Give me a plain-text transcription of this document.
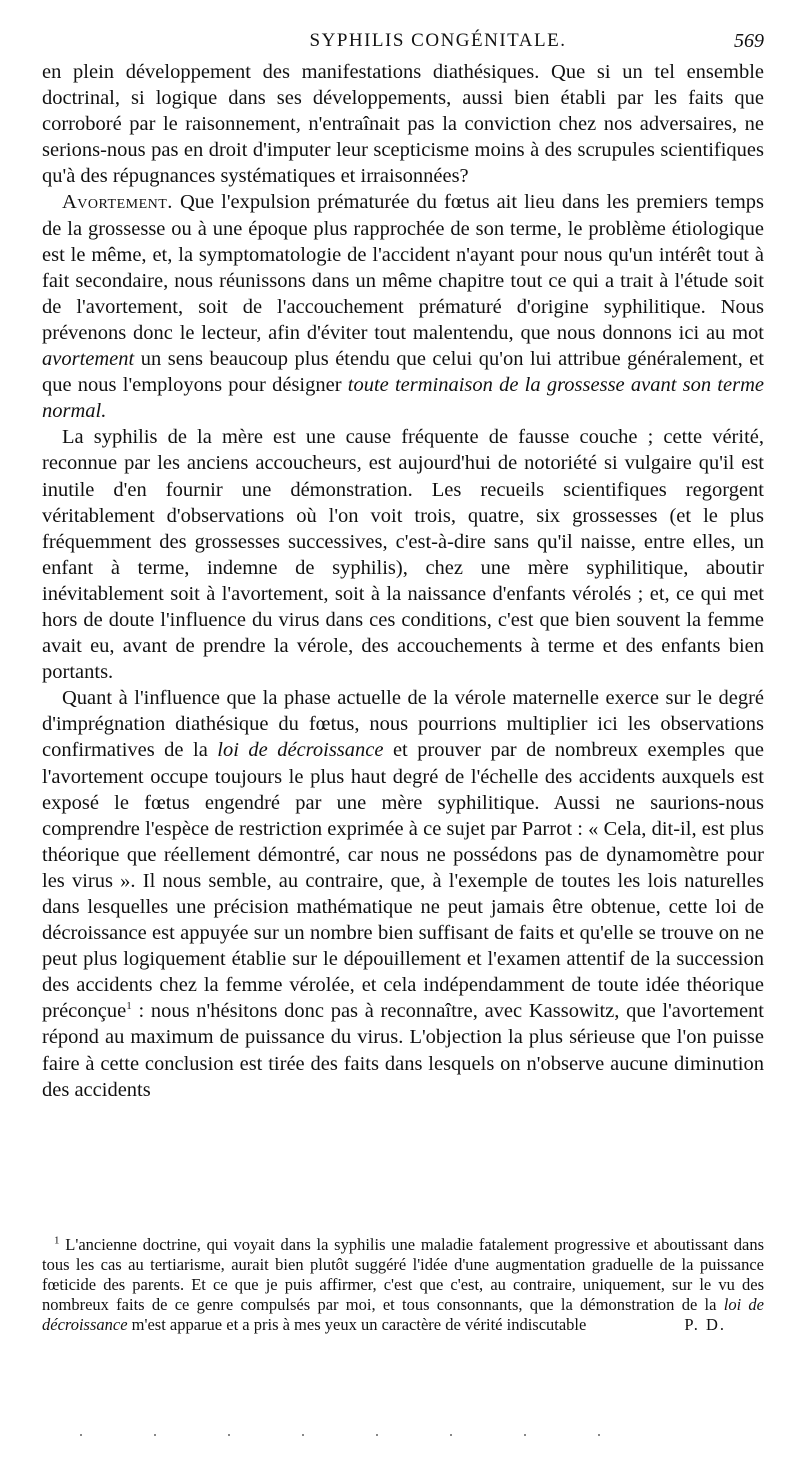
SYPHILIS CONGÉNITALE.	569

en plein développement des manifestations diathésiques. Que si un tel ensemble doctrinal, si logique dans ses développements, aussi bien établi par les faits que corroboré par le raisonnement, n'entraînait pas la conviction chez nos adversaires, ne serions-nous pas en droit d'imputer leur scepticisme moins à des scrupules scientifiques qu'à des répugnances systématiques et irraisonnées?

Avortement. Que l'expulsion prématurée du fœtus ait lieu dans les premiers temps de la grossesse ou à une époque plus rapprochée de son terme, le problème étiologique est le même, et, la symptomatologie de l'accident n'ayant pour nous qu'un intérêt tout à fait secondaire, nous réunissons dans un même chapitre tout ce qui a trait à l'étude soit de l'avortement, soit de l'accouchement prématuré d'origine syphilitique. Nous prévenons donc le lecteur, afin d'éviter tout malentendu, que nous donnons ici au mot avortement un sens beaucoup plus étendu que celui qu'on lui attribue généralement, et que nous l'employons pour désigner toute terminaison de la grossesse avant son terme normal.

La syphilis de la mère est une cause fréquente de fausse couche ; cette vérité, reconnue par les anciens accoucheurs, est aujourd'hui de notoriété si vulgaire qu'il est inutile d'en fournir une démonstration. Les recueils scientifiques regorgent véritablement d'observations où l'on voit trois, quatre, six grossesses (et le plus fréquemment des grossesses successives, c'est-à-dire sans qu'il naisse, entre elles, un enfant à terme, indemne de syphilis), chez une mère syphilitique, aboutir inévitablement soit à l'avortement, soit à la naissance d'enfants vérolés ; et, ce qui met hors de doute l'influence du virus dans ces conditions, c'est que bien souvent la femme avait eu, avant de prendre la vérole, des accouchements à terme et des enfants bien portants.

Quant à l'influence que la phase actuelle de la vérole maternelle exerce sur le degré d'imprégnation diathésique du fœtus, nous pourrions multiplier ici les observations confirmatives de la loi de décroissance et prouver par de nombreux exemples que l'avortement occupe toujours le plus haut degré de l'échelle des accidents auxquels est exposé le fœtus engendré par une mère syphilitique. Aussi ne saurions-nous comprendre l'espèce de restriction exprimée à ce sujet par Parrot : « Cela, dit-il, est plus théorique que réellement démontré, car nous ne possédons pas de dynamomètre pour les virus ». Il nous semble, au contraire, que, à l'exemple de toutes les lois naturelles dans lesquelles une précision mathématique ne peut jamais être obtenue, cette loi de décroissance est appuyée sur un nombre bien suffisant de faits et qu'elle se trouve on ne peut plus logiquement établie sur le dépouillement et l'examen attentif de la succession des accidents chez la femme vérolée, et cela indépendamment de toute idée théorique préconçue$^1$ : nous n'hésitons donc pas à reconnaître, avec Kassowitz, que l'avortement répond au maximum de puissance du virus. L'objection la plus sérieuse que l'on puisse faire à cette conclusion est tirée des faits dans lesquels on n'observe aucune diminution des accidents

$^1$ L'ancienne doctrine, qui voyait dans la syphilis une maladie fatalement progressive et aboutissant dans tous les cas au tertiarisme, aurait bien plutôt suggéré l'idée d'une augmentation graduelle de la puissance fœticide des parents. Et ce que je puis affirmer, c'est que c'est, au contraire, uniquement, sur le vu des nombreux faits de ce genre compulsés par moi, et tous consonnants, que la démonstration de la loi de décroissance m'est apparue et a pris à mes yeux un caractère de vérité indiscutable	P. D.
